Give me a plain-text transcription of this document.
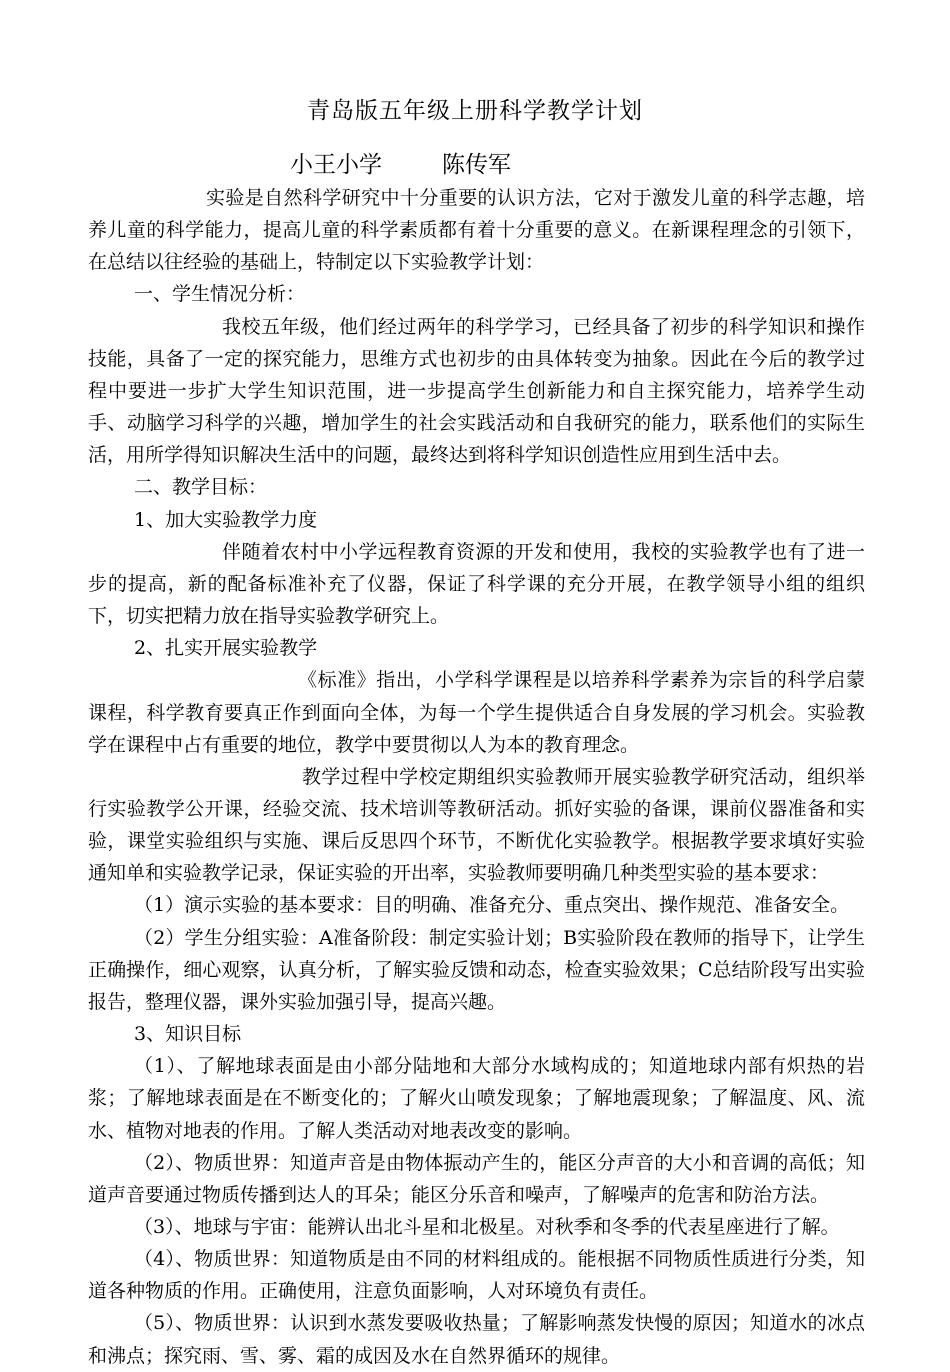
青岛版五年级上册科学教学计划
小王小学	陈传军

实验是自然科学研究中十分重要的认识方法，它对于激发儿童的科学志趣，培养儿童的科学能力，提高儿童的科学素质都有着十分重要的意义。在新课程理念的引领下，在总结以往经验的基础上，特制定以下实验教学计划：

一、学生情况分析：

我校五年级，他们经过两年的科学学习，已经具备了初步的科学知识和操作技能，具备了一定的探究能力，思维方式也初步的由具体转变为抽象。因此在今后的教学过程中要进一步扩大学生知识范围，进一步提高学生创新能力和自主探究能力，培养学生动手、动脑学习科学的兴趣，增加学生的社会实践活动和自我研究的能力，联系他们的实际生活，用所学得知识解决生活中的问题，最终达到将科学知识创造性应用到生活中去。

二、教学目标：

1、加大实验教学力度

伴随着农村中小学远程教育资源的开发和使用，我校的实验教学也有了进一步的提高，新的配备标准补充了仪器，保证了科学课的充分开展，在教学领导小组的组织下，切实把精力放在指导实验教学研究上。

2、扎实开展实验教学

《标准》指出，小学科学课程是以培养科学素养为宗旨的科学启蒙课程，科学教育要真正作到面向全体，为每一个学生提供适合自身发展的学习机会。实验教学在课程中占有重要的地位，教学中要贯彻以人为本的教育理念。

教学过程中学校定期组织实验教师开展实验教学研究活动，组织举行实验教学公开课，经验交流、技术培训等教研活动。抓好实验的备课，课前仪器准备和实验，课堂实验组织与实施、课后反思四个环节，不断优化实验教学。根据教学要求填好实验通知单和实验教学记录，保证实验的开出率，实验教师要明确几种类型实验的基本要求：

（1）演示实验的基本要求：目的明确、准备充分、重点突出、操作规范、准备安全。

（2）学生分组实验：A准备阶段：制定实验计划；B实验阶段在教师的指导下，让学生正确操作，细心观察，认真分析，了解实验反馈和动态，检查实验效果；C总结阶段写出实验报告，整理仪器，课外实验加强引导，提高兴趣。

3、知识目标

（1）、了解地球表面是由小部分陆地和大部分水域构成的；知道地球内部有炽热的岩浆；了解地球表面是在不断变化的；了解火山喷发现象；了解地震现象；了解温度、风、流水、植物对地表的作用。了解人类活动对地表改变的影响。

（2）、物质世界：知道声音是由物体振动产生的，能区分声音的大小和音调的高低；知道声音要通过物质传播到达人的耳朵；能区分乐音和噪声，了解噪声的危害和防治方法。

（3）、地球与宇宙：能辨认出北斗星和北极星。对秋季和冬季的代表星座进行了解。

（4）、物质世界：知道物质是由不同的材料组成的。能根据不同物质性质进行分类，知道各种物质的作用。正确使用，注意负面影响，人对环境负有责任。

（5）、物质世界：认识到水蒸发要吸收热量；了解影响蒸发快慢的原因；知道水的冰点和沸点；探究雨、雪、雾、霜的成因及水在自然界循环的规律。
